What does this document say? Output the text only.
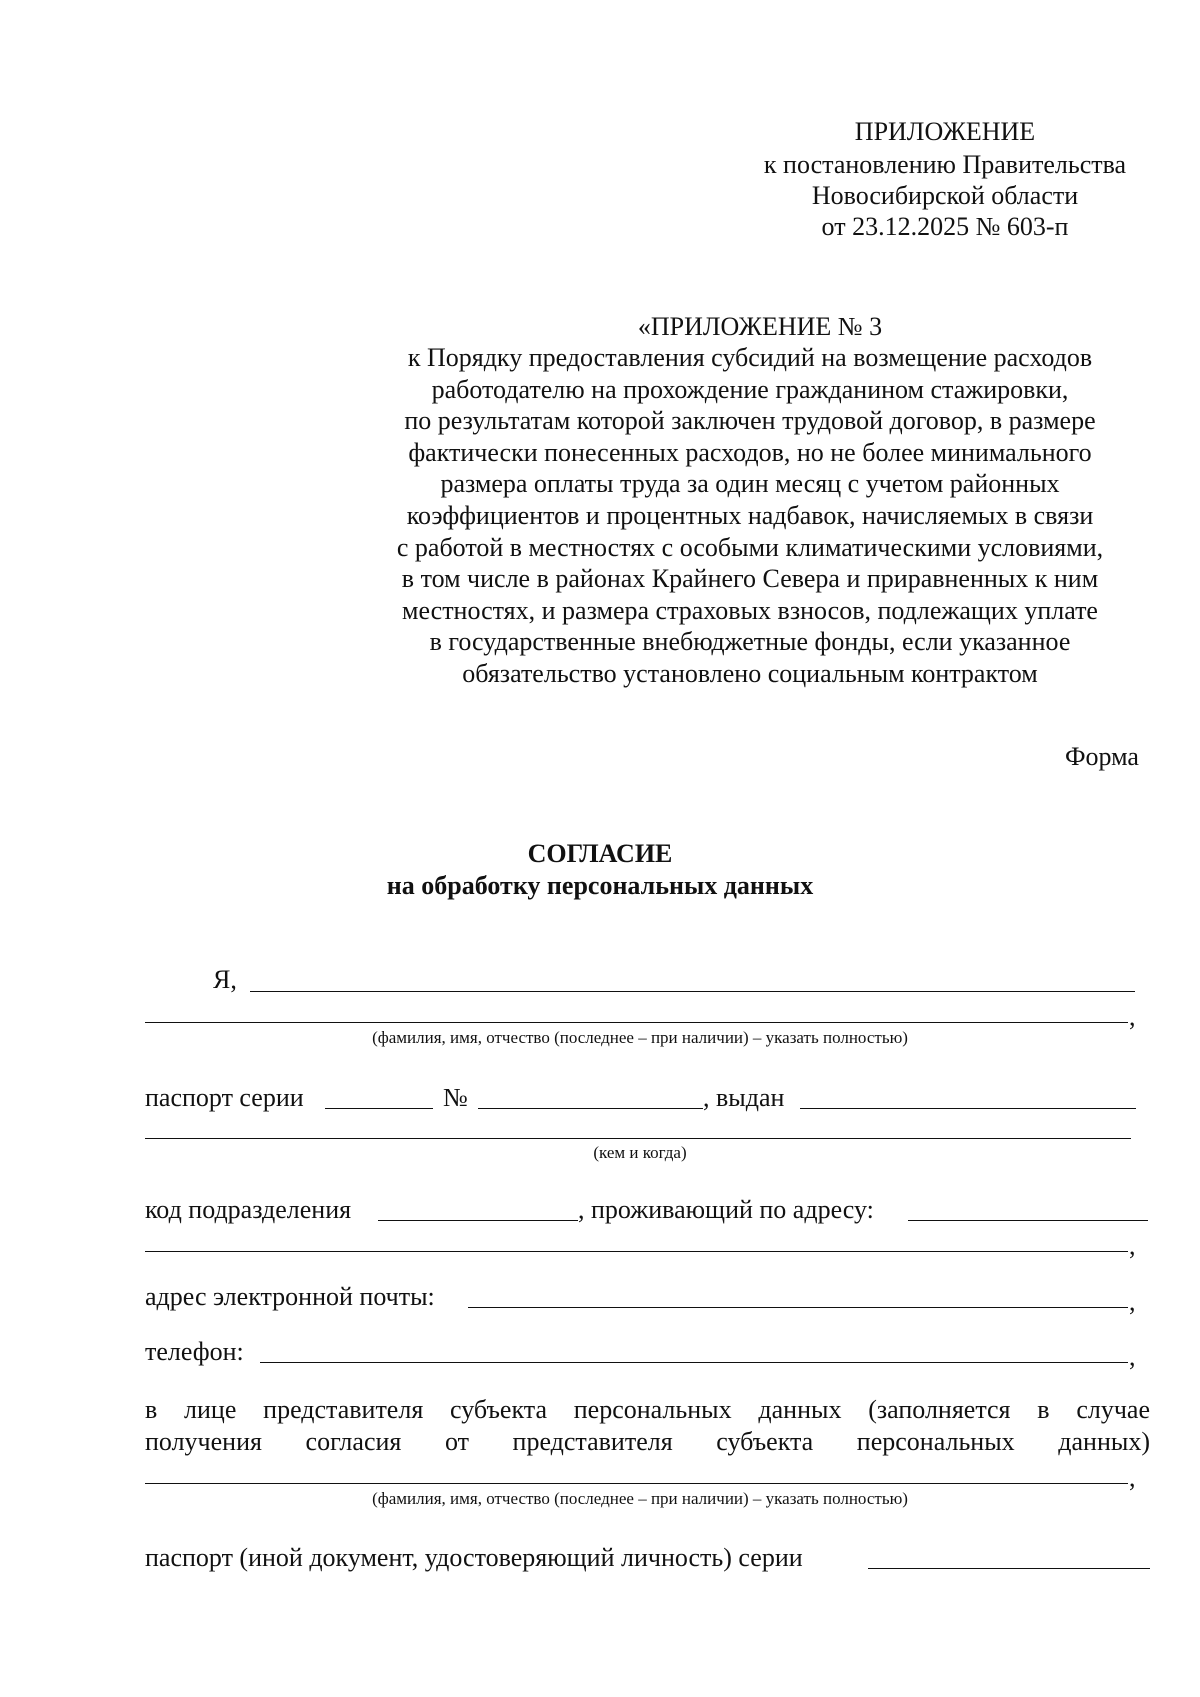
ПРИЛОЖЕНИЕ
к постановлению Правительства
Новосибирской области
от 23.12.2025 № 603-п
«ПРИЛОЖЕНИЕ № 3
к Порядку предоставления субсидий на возмещение расходов
работодателю на прохождение гражданином стажировки,
по результатам которой заключен трудовой договор, в размере
фактически понесенных расходов, но не более минимального
размера оплаты труда за один месяц с учетом районных
коэффициентов и процентных надбавок, начисляемых в связи
с работой в местностях с особыми климатическими условиями,
в том числе в районах Крайнего Севера и приравненных к ним
местностях, и размера страховых взносов, подлежащих уплате
в государственные внебюджетные фонды, если указанное
обязательство установлено социальным контрактом
Форма
СОГЛАСИЕ
на обработку персональных данных
Я,
,
(фамилия, имя, отчество (последнее – при наличии) – указать полностью)
паспорт серии	№	, выдан
(кем и когда)
код подразделения	, проживающий по адресу:
,
адрес электронной почты:	,
телефон:	,
в лице представителя субъекта персональных данных (заполняется в случае
получения согласия от представителя субъекта персональных данных)
,
(фамилия, имя, отчество (последнее – при наличии) – указать полностью)
паспорт (иной документ, удостоверяющий личность) серии
